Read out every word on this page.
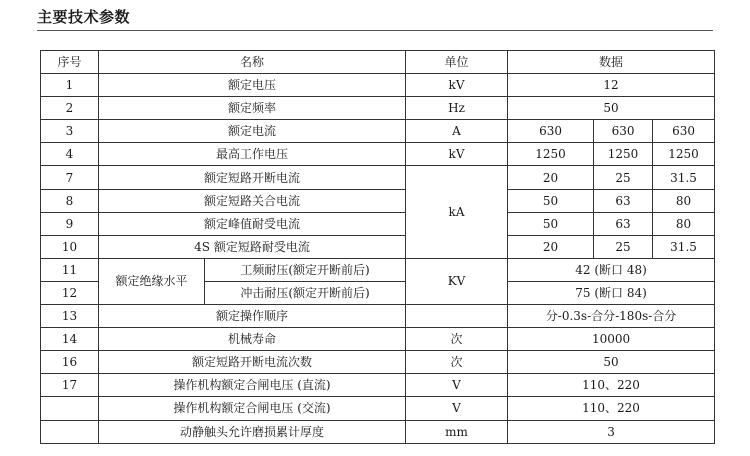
主要技术参数
序号	名称		单位	数据		
1	额定电压		kV	12		
2	额定频率		Hz	50		
3	额定电流		A	630	630	630
4	最高工作电压		kV	1250	1250	1250
7	额定短路开断电流		kA	20	25	31.5
8	额定短路关合电流			50	63	80
9	额定峰值耐受电流			50	63	80
10	4S 额定短路耐受电流			20	25	31.5
11	额定绝缘水平	工频耐压(额定开断前后)	KV	42 (断口 48)		
12		冲击耐压(额定开断前后)		75 (断口 84)		
13	额定操作顺序			分-0.3s-合分-180s-合分		
14	机械寿命		次	10000		
16	额定短路开断电流次数		次	50		
17	操作机构额定合闸电压 (直流)		V	110、220		
	操作机构额定合闸电压 (交流)		V	110、220		
	动静触头允许磨损累计厚度		mm	3		
